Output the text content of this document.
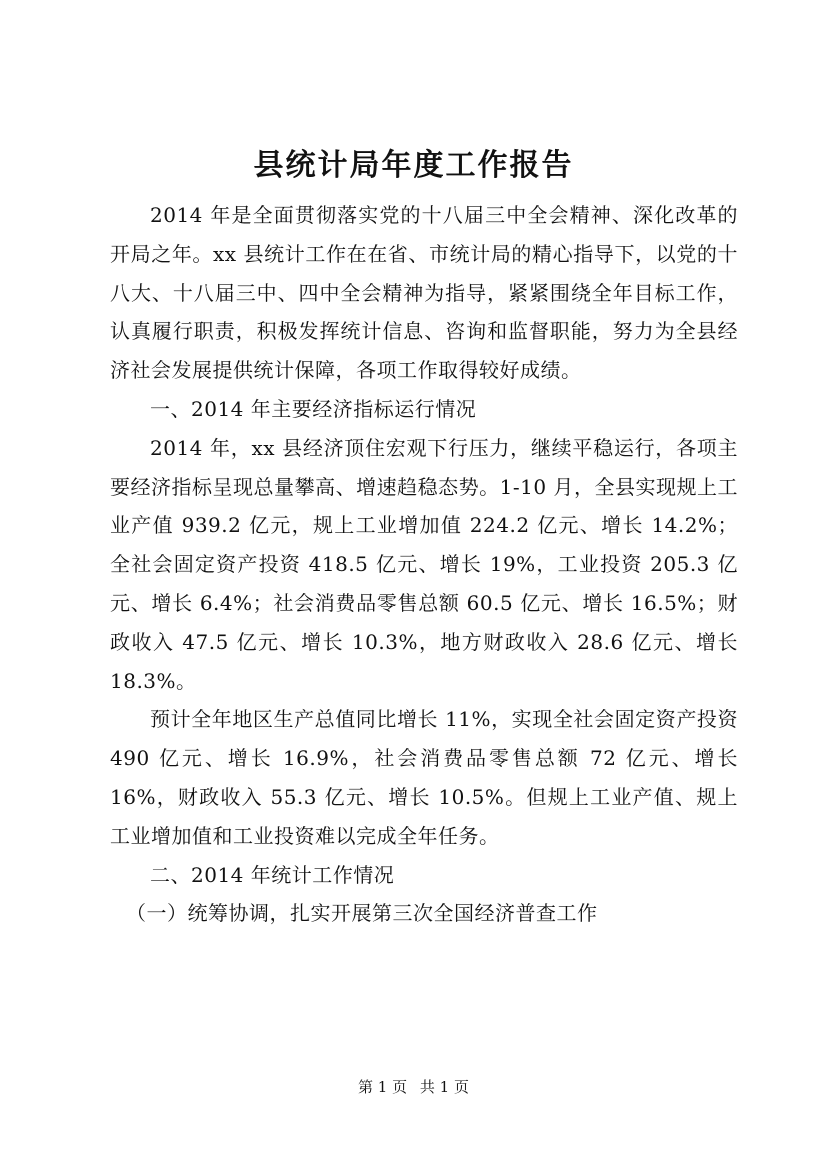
县统计局年度工作报告

2014 年是全面贯彻落实党的十八届三中全会精神、深化改革的开局之年。xx 县统计工作在在省、市统计局的精心指导下，以党的十八大、十八届三中、四中全会精神为指导，紧紧围绕全年目标工作，认真履行职责，积极发挥统计信息、咨询和监督职能，努力为全县经济社会发展提供统计保障，各项工作取得较好成绩。

一、2014 年主要经济指标运行情况

2014 年，xx 县经济顶住宏观下行压力，继续平稳运行，各项主要经济指标呈现总量攀高、增速趋稳态势。1-10 月，全县实现规上工业产值 939.2 亿元，规上工业增加值 224.2 亿元、增长 14.2%；全社会固定资产投资 418.5 亿元、增长 19%，工业投资 205.3 亿元、增长 6.4%；社会消费品零售总额 60.5 亿元、增长 16.5%；财政收入 47.5 亿元、增长 10.3%，地方财政收入 28.6 亿元、增长 18.3%。

预计全年地区生产总值同比增长 11%，实现全社会固定资产投资 490 亿元、增长 16.9%，社会消费品零售总额 72 亿元、增长 16%，财政收入 55.3 亿元、增长 10.5%。但规上工业产值、规上工业增加值和工业投资难以完成全年任务。

二、2014 年统计工作情况

（一）统筹协调，扎实开展第三次全国经济普查工作

第 1 页 共 1 页
